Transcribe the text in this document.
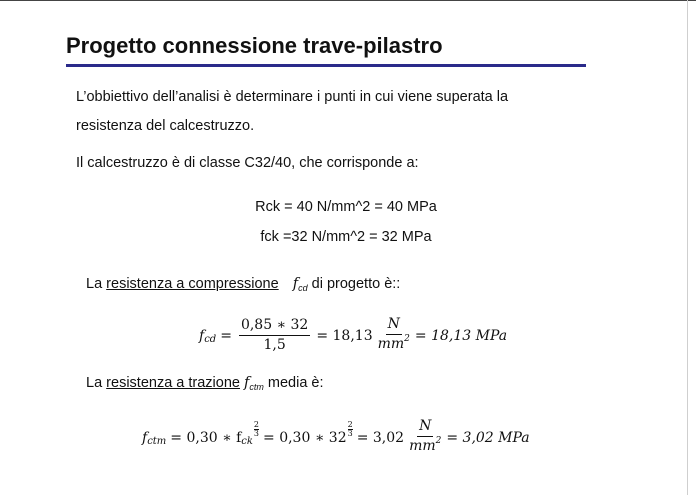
Progetto connessione trave-pilastro
L’obbiettivo dell’analisi è determinare i punti in cui viene superata la
resistenza del calcestruzzo.
Il calcestruzzo è di classe C32/40, che corrisponde a:
Rck = 40 N/mm^2 = 40 MPa
fck =32 N/mm^2 = 32 MPa
La resistenza a compressione $f_{cd}$ di progetto è::
f cd = $\frac{0,85 ∗ 32}{1,5} = 18,13 \frac{N}{mm^2} = 18,13$ MPa
La resistenza a trazione $f_{ctm}$ media è:
f ctm = 0,30 ∗ f ck
$\frac{2}{3} = 0,30$ ∗ $32 \frac{2}{3} = 3,02 \frac{N}{mm^2} = 3,02$ MPa
